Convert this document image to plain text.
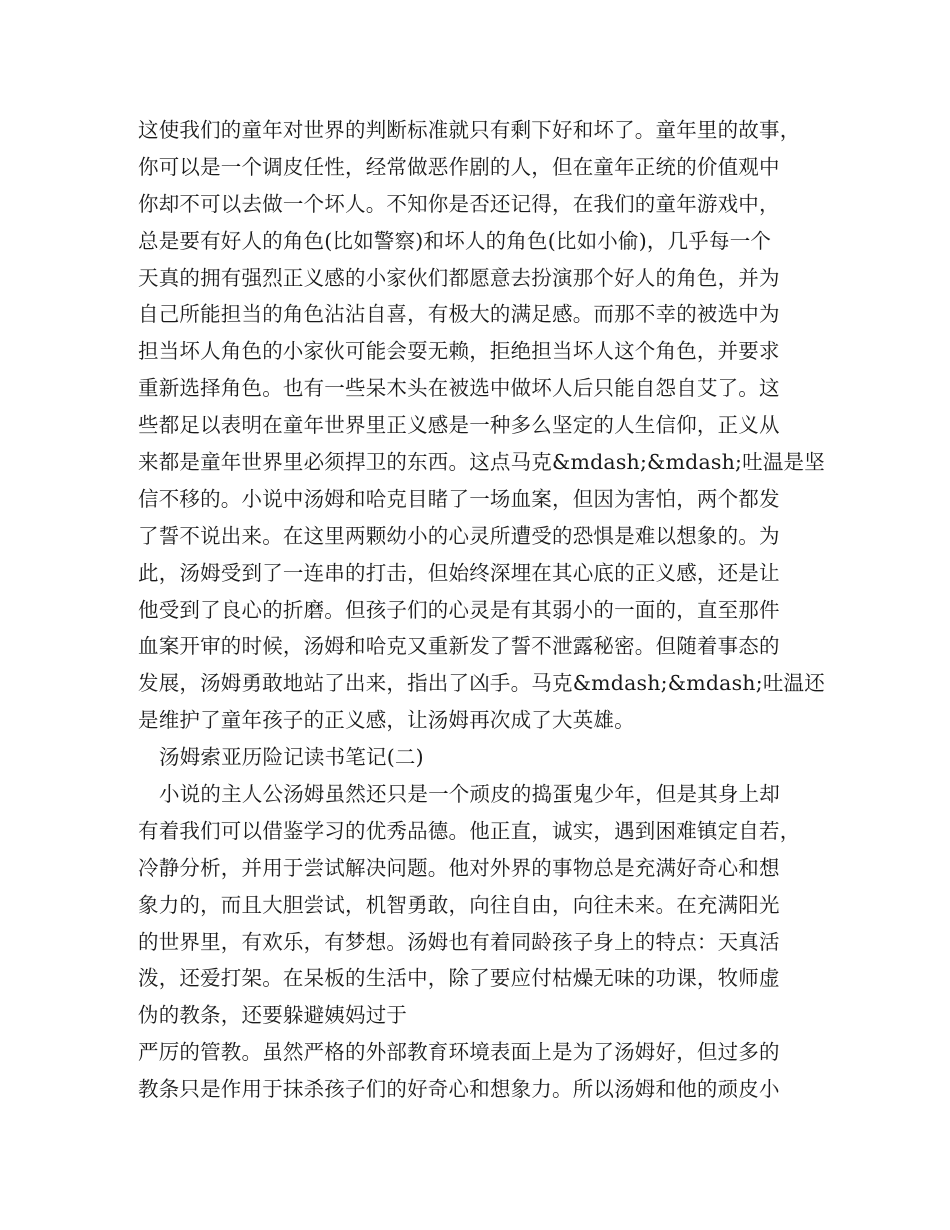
这使我们的童年对世界的判断标准就只有剩下好和坏了。童年里的故事，
你可以是一个调皮任性，经常做恶作剧的人，但在童年正统的价值观中
你却不可以去做一个坏人。不知你是否还记得，在我们的童年游戏中，
总是要有好人的角色(比如警察)和坏人的角色(比如小偷)，几乎每一个
天真的拥有强烈正义感的小家伙们都愿意去扮演那个好人的角色，并为
自己所能担当的角色沾沾自喜，有极大的满足感。而那不幸的被选中为
担当坏人角色的小家伙可能会耍无赖，拒绝担当坏人这个角色，并要求
重新选择角色。也有一些呆木头在被选中做坏人后只能自怨自艾了。这
些都足以表明在童年世界里正义感是一种多么坚定的人生信仰，正义从
来都是童年世界里必须捍卫的东西。这点马克&mdash;&mdash;吐温是坚
信不移的。小说中汤姆和哈克目睹了一场血案，但因为害怕，两个都发
了誓不说出来。在这里两颗幼小的心灵所遭受的恐惧是难以想象的。为
此，汤姆受到了一连串的打击，但始终深埋在其心底的正义感，还是让
他受到了良心的折磨。但孩子们的心灵是有其弱小的一面的，直至那件
血案开审的时候，汤姆和哈克又重新发了誓不泄露秘密。但随着事态的
发展，汤姆勇敢地站了出来，指出了凶手。马克&mdash;&mdash;吐温还
是维护了童年孩子的正义感，让汤姆再次成了大英雄。
汤姆索亚历险记读书笔记(二)
小说的主人公汤姆虽然还只是一个顽皮的捣蛋鬼少年，但是其身上却
有着我们可以借鉴学习的优秀品德。他正直，诚实，遇到困难镇定自若，
冷静分析，并用于尝试解决问题。他对外界的事物总是充满好奇心和想
象力的，而且大胆尝试，机智勇敢，向往自由，向往未来。在充满阳光
的世界里，有欢乐，有梦想。汤姆也有着同龄孩子身上的特点：天真活
泼，还爱打架。在呆板的生活中，除了要应付枯燥无味的功课，牧师虚
伪的教条，还要躲避姨妈过于
严厉的管教。虽然严格的外部教育环境表面上是为了汤姆好，但过多的
教条只是作用于抹杀孩子们的好奇心和想象力。所以汤姆和他的顽皮小
